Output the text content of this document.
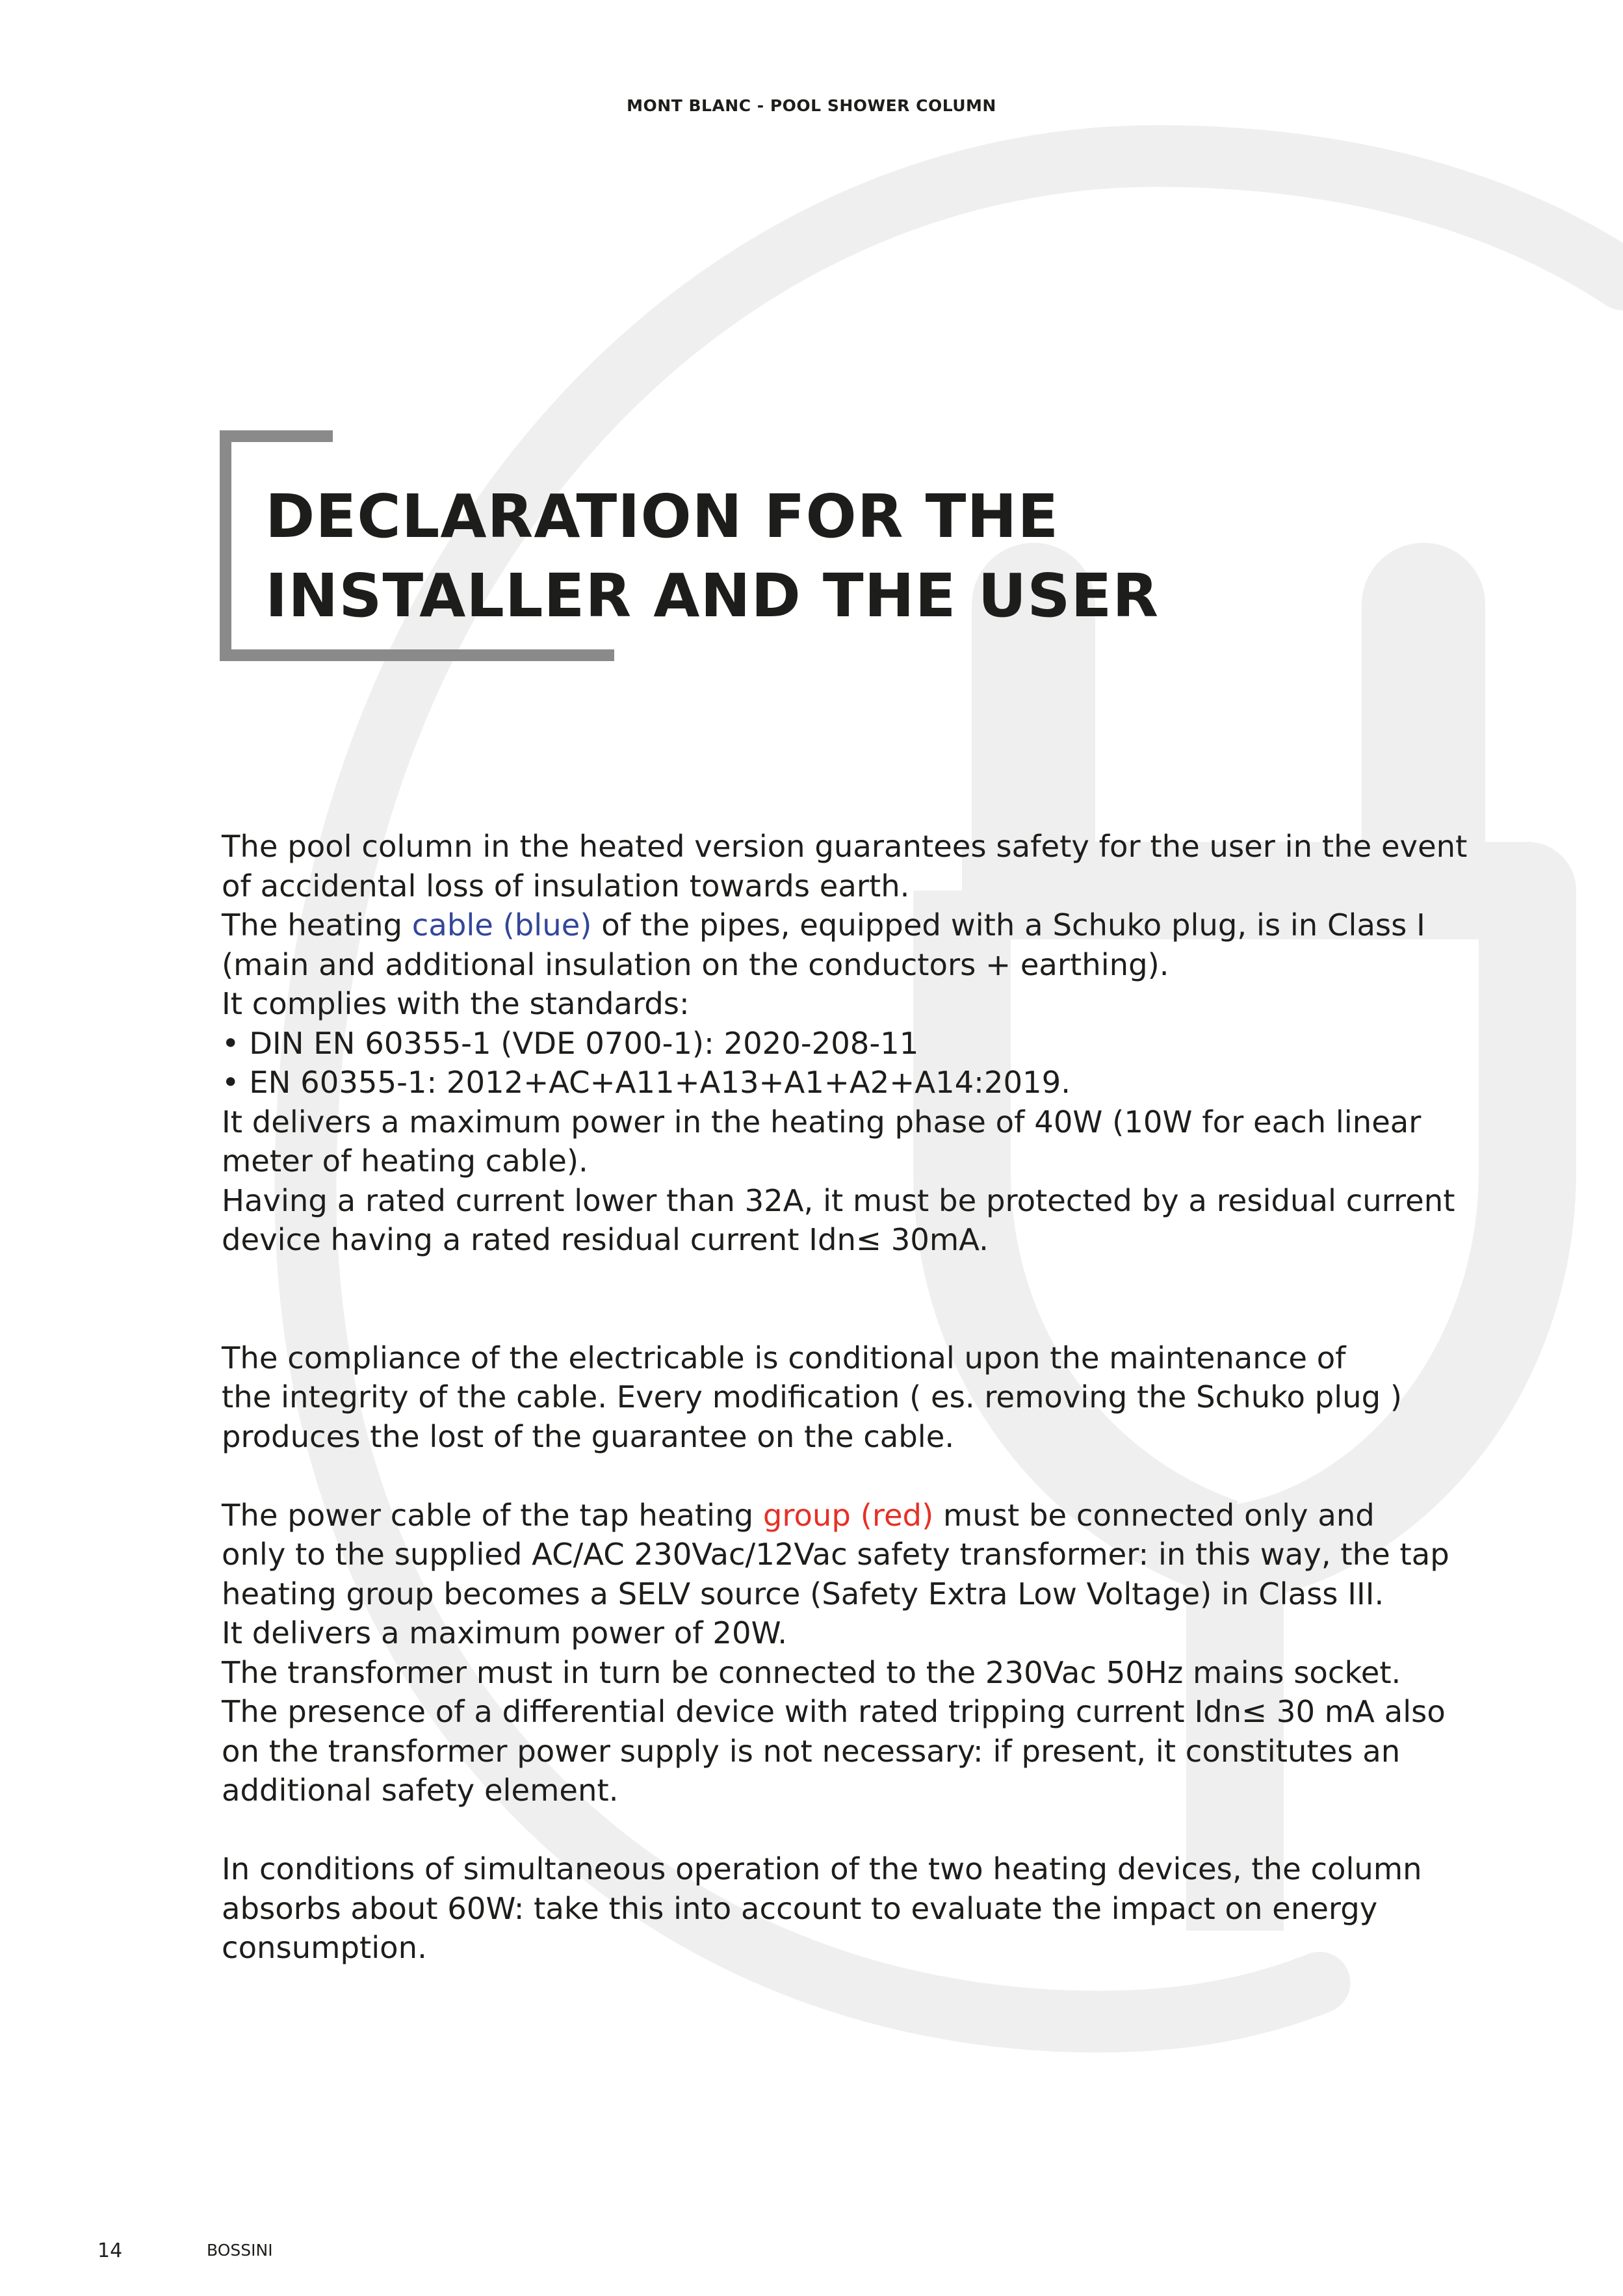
MONT BLANC - POOL SHOWER COLUMN
DECLARATION FOR THE
INSTALLER AND THE USER
The pool column in the heated version guarantees safety for the user in the event
of accidental loss of insulation towards earth.
The heating cable (blue) of the pipes, equipped with a Schuko plug, is in Class I
(main and additional insulation on the conductors + earthing).
It complies with the standards:
• DIN EN 60355-1 (VDE 0700-1): 2020-208-11
• EN 60355-1: 2012+AC+A11+A13+A1+A2+A14:2019.
It delivers a maximum power in the heating phase of 40W (10W for each linear
meter of heating cable).
Having a rated current lower than 32A, it must be protected by a residual current
device having a rated residual current Idn≤ 30mA.
The compliance of the electricable is conditional upon the maintenance of
the integrity of the cable. Every modification ( es. removing the Schuko plug )
produces the lost of the guarantee on the cable.
The power cable of the tap heating group (red) must be connected only and
only to the supplied AC/AC 230Vac/12Vac safety transformer: in this way, the tap
heating group becomes a SELV source (Safety Extra Low Voltage) in Class III.
It delivers a maximum power of 20W.
The transformer must in turn be connected to the 230Vac 50Hz mains socket.
The presence of a differential device with rated tripping current Idn≤ 30 mA also
on the transformer power supply is not necessary: if present, it constitutes an
additional safety element.
In conditions of simultaneous operation of the two heating devices, the column
absorbs about 60W: take this into account to evaluate the impact on energy
consumption.
14	BOSSINI
